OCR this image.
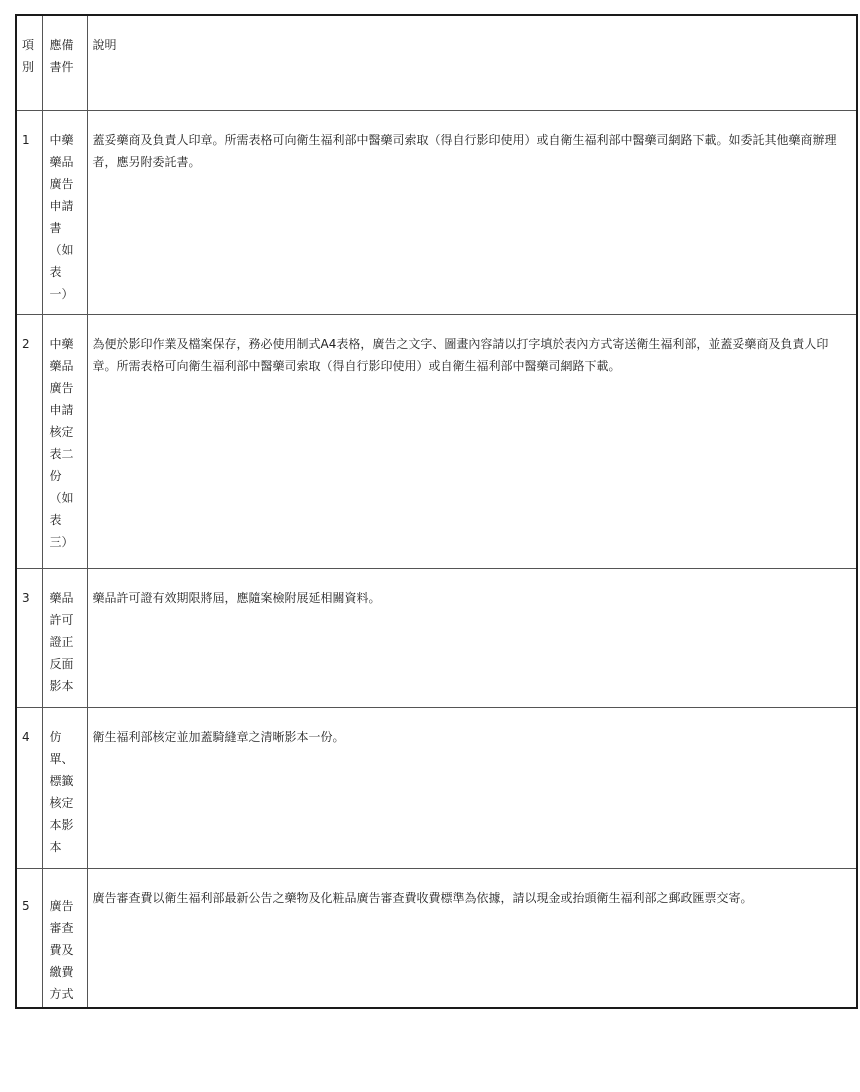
項別	應備書件	說明

1	中藥藥品廣告申請書（如表一）	蓋妥藥商及負責人印章。所需表格可向衛生福利部中醫藥司索取（得自行影印使用）或自衛生福利部中醫藥司網路下載。如委託其他藥商辦理者，應另附委託書。

2	中藥藥品廣告申請核定表二份（如表三）	為便於影印作業及檔案保存，務必使用制式A4表格，廣告之文字、圖畫內容請以打字填於表內方式寄送衛生福利部，並蓋妥藥商及負責人印章。所需表格可向衛生福利部中醫藥司索取（得自行影印使用）或自衛生福利部中醫藥司網路下載。

3	藥品許可證正反面影本	藥品許可證有效期限將屆，應隨案檢附展延相關資料。

4	仿單、標籤核定本影本	衛生福利部核定並加蓋騎縫章之清晰影本一份。

5	廣告審查費及繳費方式	廣告審查費以衛生福利部最新公告之藥物及化粧品廣告審查費收費標準為依據，請以現金或抬頭衛生福利部之郵政匯票交寄。
